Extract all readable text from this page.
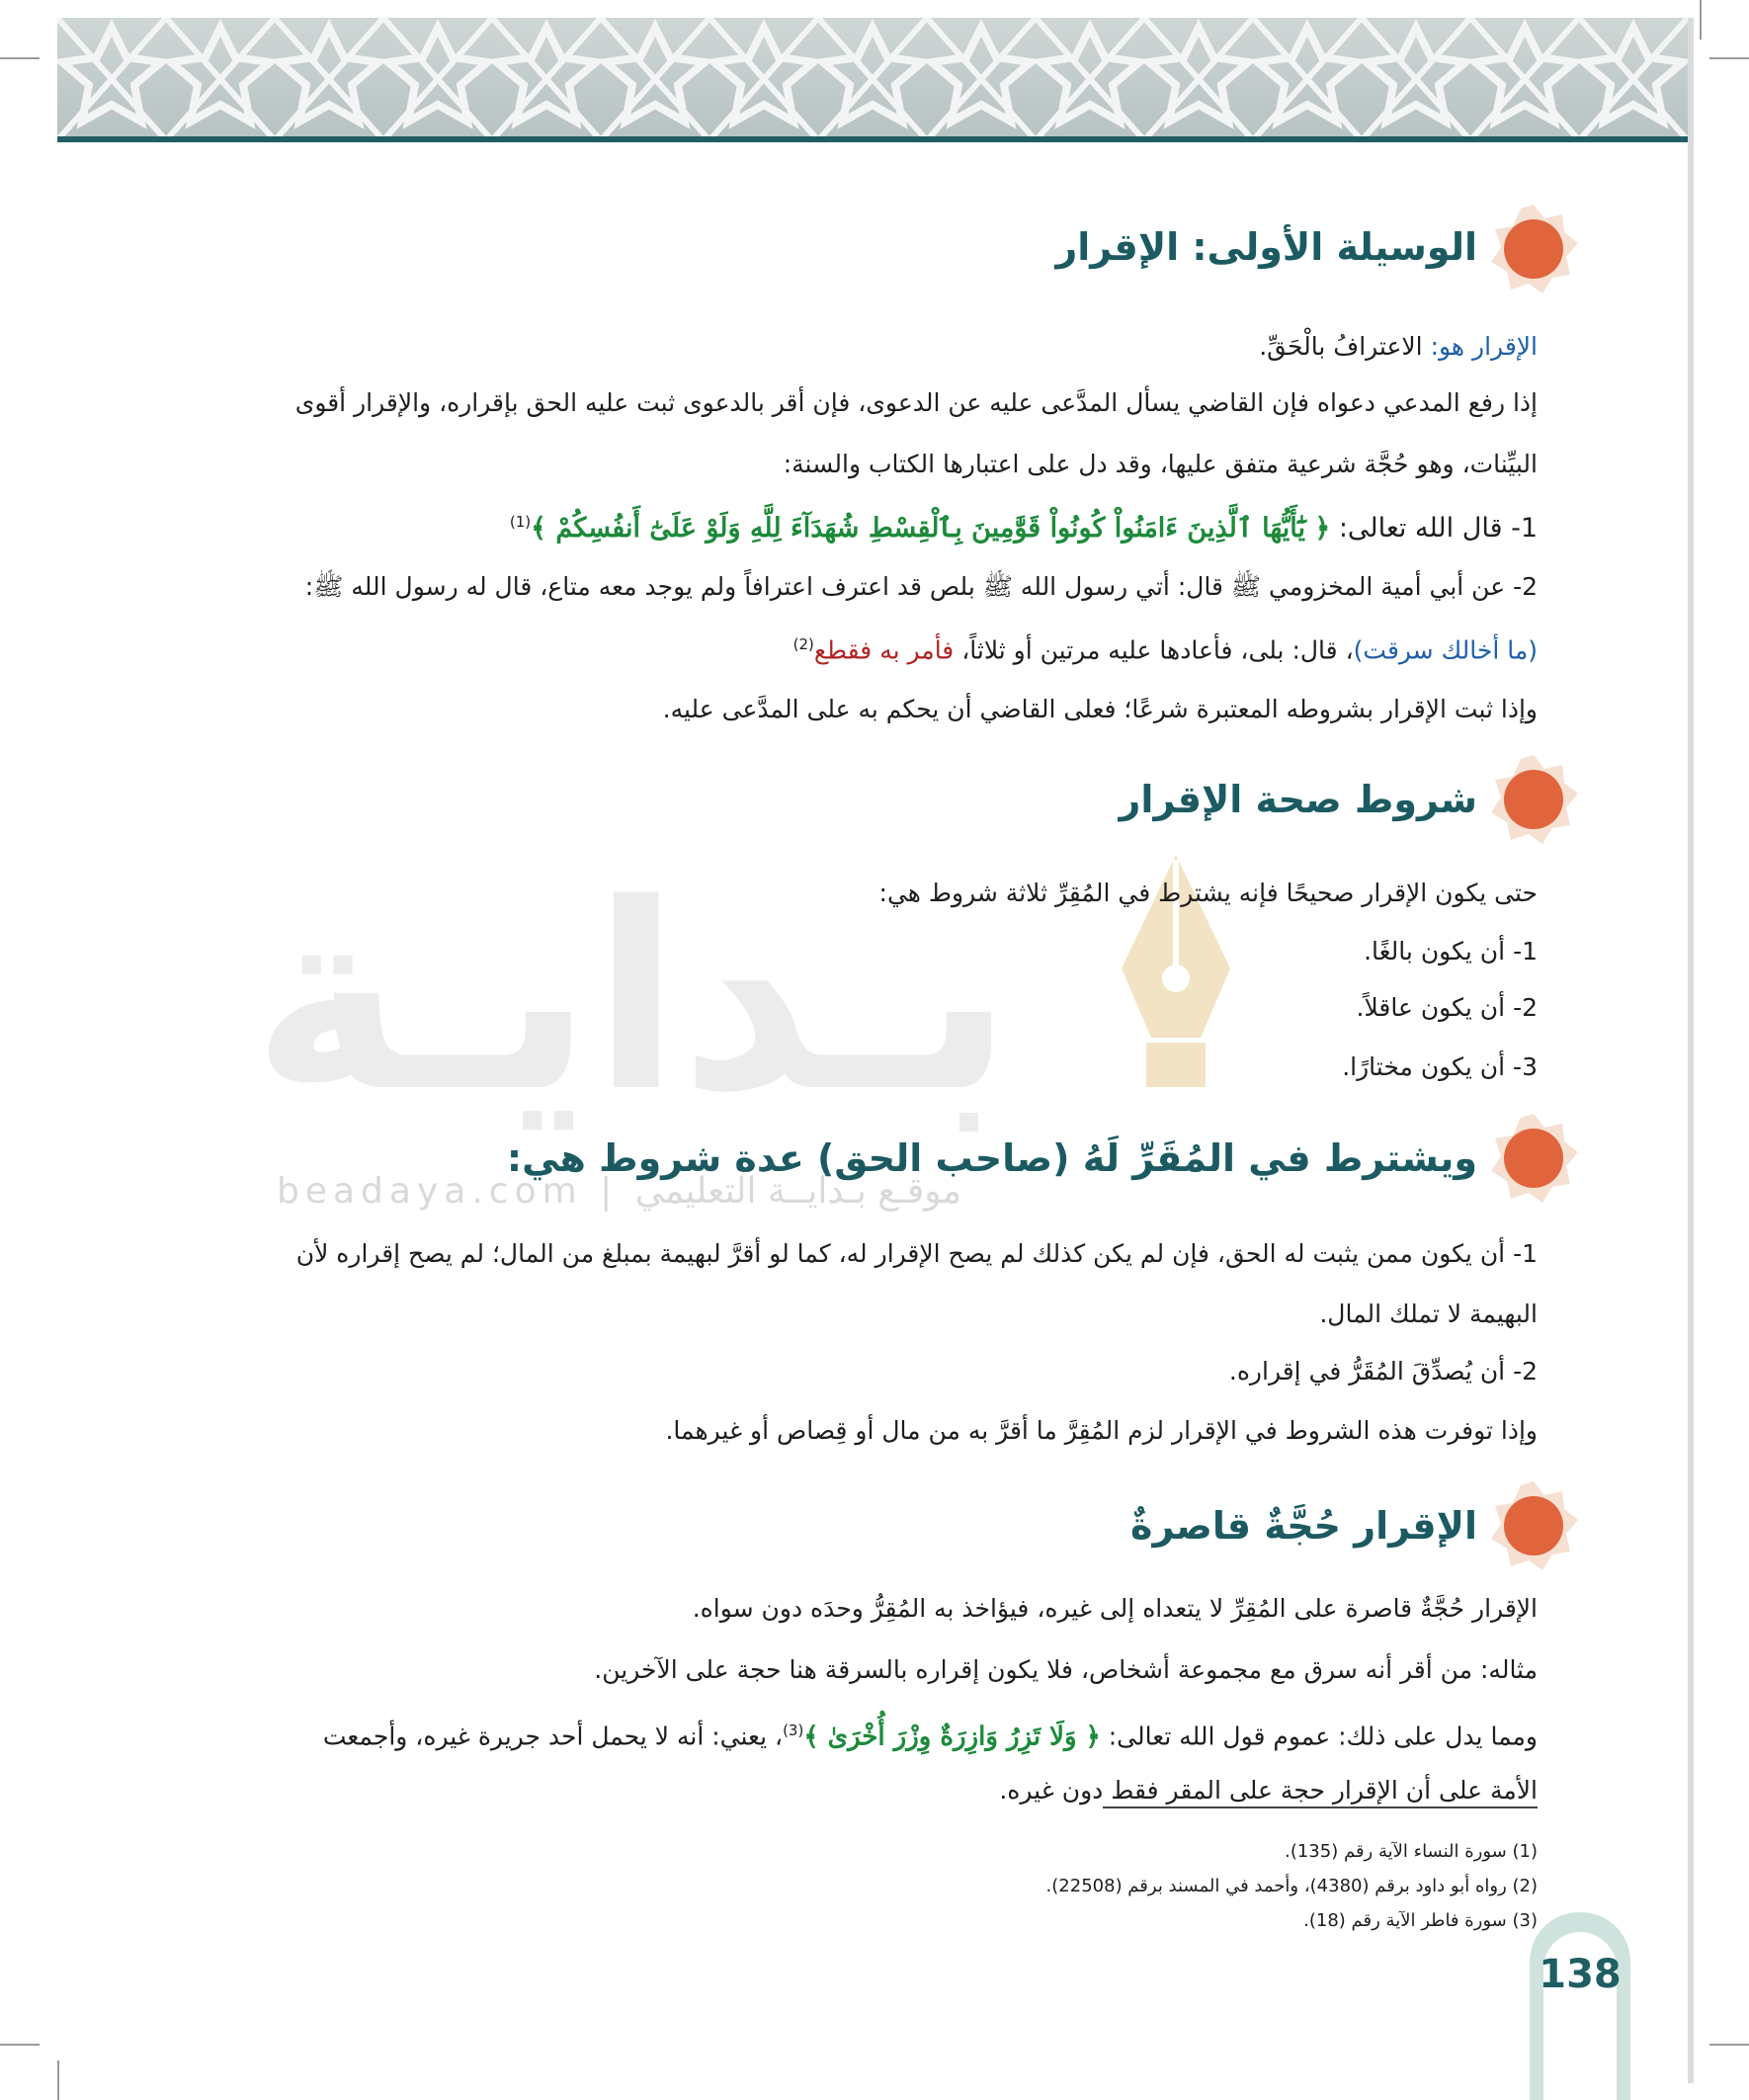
بـدايـة
beadaya.com | موقـع بـدايــة التعليمي
الوسيلة الأولى: الإقرار
الإقرار هو: الاعترافُ بالْحَقِّ.
إذا رفع المدعي دعواه فإن القاضي يسأل المدَّعى عليه عن الدعوى، فإن أقر بالدعوى ثبت عليه الحق بإقراره، والإقرار أقوى
البيِّنات، وهو حُجَّة شرعية متفق عليها، وقد دل على اعتبارها الكتاب والسنة:
1- قال الله تعالى: ﴿ يَٰٓأَيُّهَا ٱلَّذِينَ ءَامَنُواْ كُونُواْ قَوَّٰمِينَ بِٱلْقِسْطِ شُهَدَآءَ لِلَّهِ وَلَوْ عَلَىٰٓ أَنفُسِكُمْ ﴾$^{(1)}$
2- عن أبي أمية المخزومي ﷺ قال: أتي رسول الله ﷺ بلص قد اعترف اعترافاً ولم يوجد معه متاع، قال له رسول الله ﷺ:
(ما أخالك سرقت)، قال: بلى، فأعادها عليه مرتين أو ثلاثاً، فأمر به فقطع$^{(2)}$
وإذا ثبت الإقرار بشروطه المعتبرة شرعًا؛ فعلى القاضي أن يحكم به على المدَّعى عليه.
شروط صحة الإقرار
حتى يكون الإقرار صحيحًا فإنه يشترط في المُقِرِّ ثلاثة شروط هي:
1- أن يكون بالغًا.
2- أن يكون عاقلاً.
3- أن يكون مختارًا.
ويشترط في المُقَرِّ لَهُ (صاحب الحق) عدة شروط هي:
1- أن يكون ممن يثبت له الحق، فإن لم يكن كذلك لم يصح الإقرار له، كما لو أقرَّ لبهيمة بمبلغ من المال؛ لم يصح إقراره لأن
البهيمة لا تملك المال.
2- أن يُصدِّقَ المُقَرُّ في إقراره.
وإذا توفرت هذه الشروط في الإقرار لزم المُقِرَّ ما أقرَّ به من مال أو قِصاص أو غيرهما.
الإقرار حُجَّةٌ قاصرةٌ
الإقرار حُجَّةٌ قاصرة على المُقِرِّ لا يتعداه إلى غيره، فيؤاخذ به المُقِرُّ وحدَه دون سواه.
مثاله: من أقر أنه سرق مع مجموعة أشخاص، فلا يكون إقراره بالسرقة هنا حجة على الآخرين.
ومما يدل على ذلك: عموم قول الله تعالى: ﴿ وَلَا تَزِرُ وَازِرَةٌ وِزْرَ أُخْرَىٰ ﴾$^{(3)}$، يعني: أنه لا يحمل أحد جريرة غيره، وأجمعت
الأمة على أن الإقرار حجة على المقر فقط دون غيره.
(1) سورة النساء الآية رقم (135).
(2) رواه أبو داود برقم (4380)، وأحمد في المسند برقم (22508).
(3) سورة فاطر الآية رقم (18).
138
